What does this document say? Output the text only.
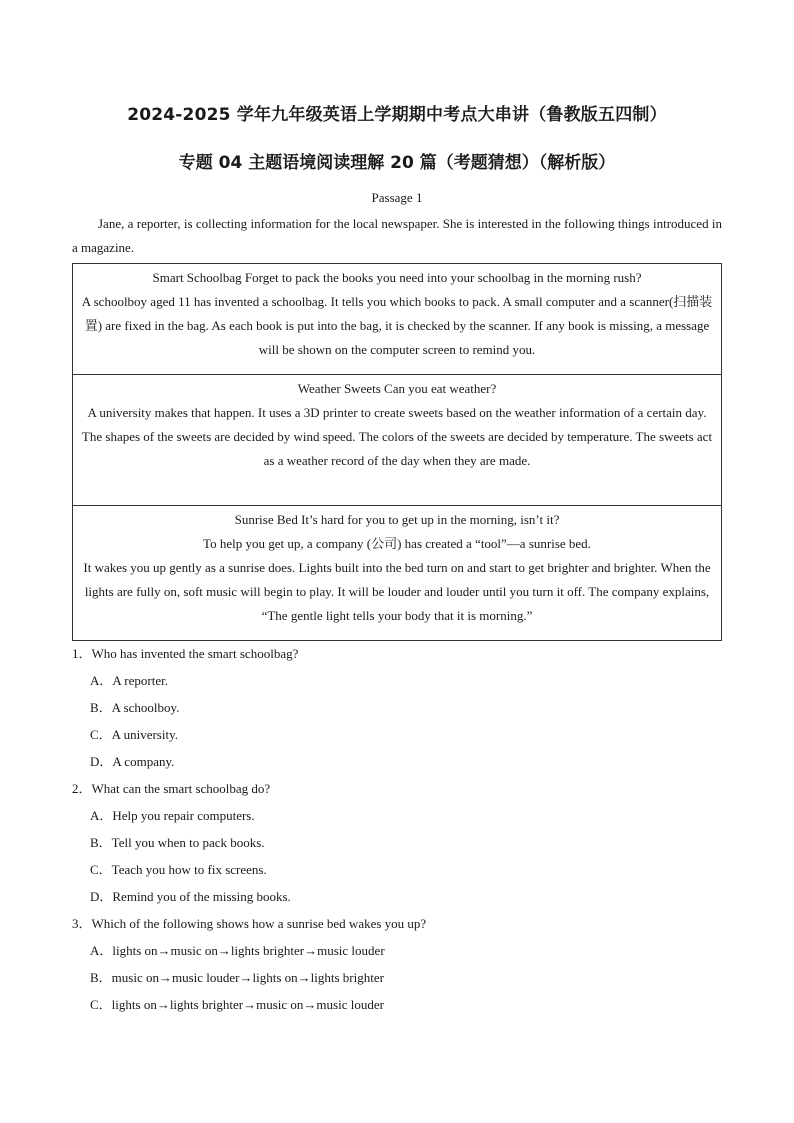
2024-2025 学年九年级英语上学期期中考点大串讲（鲁教版五四制）
专题 04 主题语境阅读理解 20 篇（考题猜想）（解析版）
Passage 1

Jane, a reporter, is collecting information for the local newspaper. She is interested in the following things introduced in a magazine.

Smart Schoolbag Forget to pack the books you need into your schoolbag in the morning rush?

A schoolboy aged 11 has invented a schoolbag. It tells you which books to pack. A small computer and a scanner(扫描装置) are fixed in the bag. As each book is put into the bag, it is checked by the scanner. If any book is missing, a message will be shown on the computer screen to remind you.

Weather Sweets Can you eat weather?

A university makes that happen. It uses a 3D printer to create sweets based on the weather information of a certain day.

The shapes of the sweets are decided by wind speed. The colors of the sweets are decided by temperature. The sweets act as a weather record of the day when they are made.

Sunrise Bed It’s hard for you to get up in the morning, isn’t it?

To help you get up, a company (公司) has created a “tool”—a sunrise bed.

It wakes you up gently as a sunrise does. Lights built into the bed turn on and start to get brighter and brighter. When the lights are fully on, soft music will begin to play. It will be louder and louder until you turn it off. The company explains, “The gentle light tells your body that it is morning.”

1．Who has invented the smart schoolbag?

A．A reporter.

B．A schoolboy.

C．A university.

D．A company.

2．What can the smart schoolbag do?

A．Help you repair computers.

B．Tell you when to pack books.

C．Teach you how to fix screens.

D．Remind you of the missing books.

3．Which of the following shows how a sunrise bed wakes you up?

A．lights on→music on→lights brighter→music louder

B．music on→music louder→lights on→lights brighter

C．lights on→lights brighter→music on→music louder
